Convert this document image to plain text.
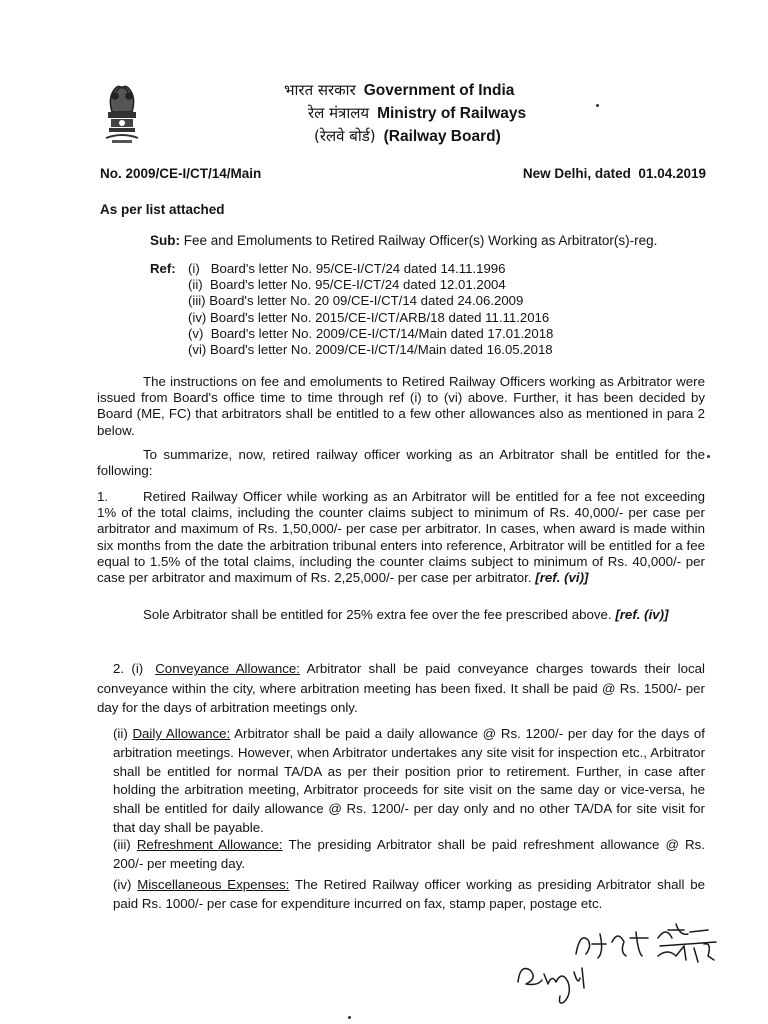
भारत सरकार Government of India
रेल मंत्रालय Ministry of Railways
(रेलवे बोर्ड) (Railway Board)
No. 2009/CE-I/CT/14/Main	New Delhi, dated  01.04.2019
As per list attached
Sub: Fee and Emoluments to Retired Railway Officer(s) Working as Arbitrator(s)-reg.
Ref: (i)   Board's letter No. 95/CE-I/CT/24 dated 14.11.1996
(ii)  Board's letter No. 95/CE-I/CT/24 dated 12.01.2004
(iii) Board's letter No. 20 09/CE-I/CT/14 dated 24.06.2009
(iv) Board's letter No. 2015/CE-I/CT/ARB/18 dated 11.11.2016
(v)  Board's letter No. 2009/CE-I/CT/14/Main dated 17.01.2018
(vi) Board's letter No. 2009/CE-I/CT/14/Main dated 16.05.2018
The instructions on fee and emoluments to Retired Railway Officers working as Arbitrator were issued from Board's office time to time through ref (i) to (vi) above. Further, it has been decided by Board (ME, FC) that arbitrators shall be entitled to a few other allowances also as mentioned in para 2 below.
To summarize, now, retired railway officer working as an Arbitrator shall be entitled for the following:
1.	Retired Railway Officer while working as an Arbitrator will be entitled for a fee not exceeding 1% of the total claims, including the counter claims subject to minimum of Rs. 40,000/- per case per arbitrator and maximum of Rs. 1,50,000/- per case per arbitrator. In cases, when award is made within six months from the date the arbitration tribunal enters into reference, Arbitrator will be entitled for a fee equal to 1.5% of the total claims, including the counter claims subject to minimum of Rs. 40,000/- per case per arbitrator and maximum of Rs. 2,25,000/- per case per arbitrator. [ref. (vi)]
Sole Arbitrator shall be entitled for 25% extra fee over the fee prescribed above. [ref. (iv)]
2. (i) Conveyance Allowance: Arbitrator shall be paid conveyance charges towards their local conveyance within the city, where arbitration meeting has been fixed. It shall be paid @ Rs. 1500/- per day for the days of arbitration meetings only.
(ii) Daily Allowance: Arbitrator shall be paid a daily allowance @ Rs. 1200/- per day for the days of arbitration meetings. However, when Arbitrator undertakes any site visit for inspection etc., Arbitrator shall be entitled for normal TA/DA as per their position prior to retirement. Further, in case after holding the arbitration meeting, Arbitrator proceeds for site visit on the same day or vice-versa, he shall be entitled for daily allowance @ Rs. 1200/- per day only and no other TA/DA for site visit for that day shall be payable.
(iii) Refreshment Allowance: The presiding Arbitrator shall be paid refreshment allowance @ Rs. 200/- per meeting day.
(iv) Miscellaneous Expenses: The Retired Railway officer working as presiding Arbitrator shall be paid Rs. 1000/- per case for expenditure incurred on fax, stamp paper, postage etc.
